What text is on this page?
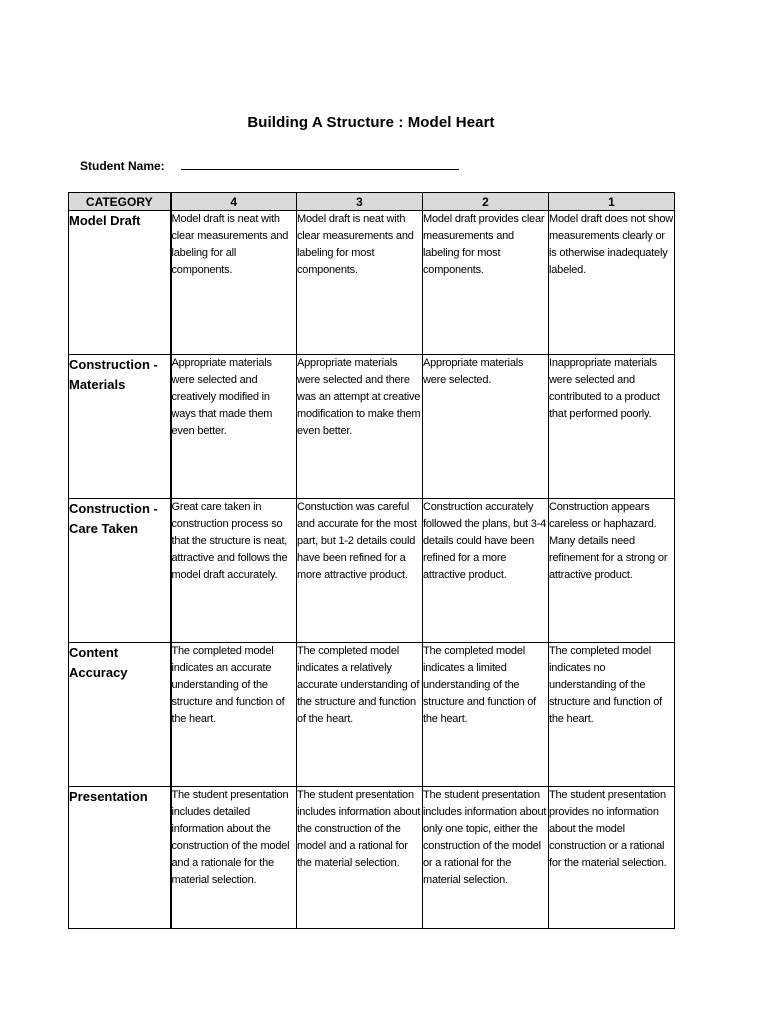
Building A Structure : Model Heart
Student Name:
CATEGORY	4	3	2	1
Model Draft	Model draft is neat with clear measurements and labeling for all components.	Model draft is neat with clear measurements and labeling for most components.	Model draft provides clear measurements and labeling for most components.	Model draft does not show measurements clearly or is otherwise inadequately labeled.
Construction - Materials	Appropriate materials were selected and creatively modified in ways that made them even better.	Appropriate materials were selected and there was an attempt at creative modification to make them even better.	Appropriate materials were selected.	Inappropriate materials were selected and contributed to a product that performed poorly.
Construction - Care Taken	Great care taken in construction process so that the structure is neat, attractive and follows the model draft accurately.	Constuction was careful and accurate for the most part, but 1-2 details could have been refined for a more attractive product.	Construction accurately followed the plans, but 3-4 details could have been refined for a more attractive product.	Construction appears careless or haphazard. Many details need refinement for a strong or attractive product.
Content Accuracy	The completed model indicates an accurate understanding of the structure and function of the heart.	The completed model indicates a relatively accurate understanding of the structure and function of the heart.	The completed model indicates a limited understanding of the structure and function of the heart.	The completed model indicates no understanding of the structure and function of the heart.
Presentation	The student presentation includes detailed information about the construction of the model and a rationale for the material selection.	The student presentation includes information about the construction of the model and a rational for the material selection.	The student presentation includes information about only one topic, either the construction of the model or a rational for the material selection.	The student presentation provides no information about the model construction or a rational for the material selection.
